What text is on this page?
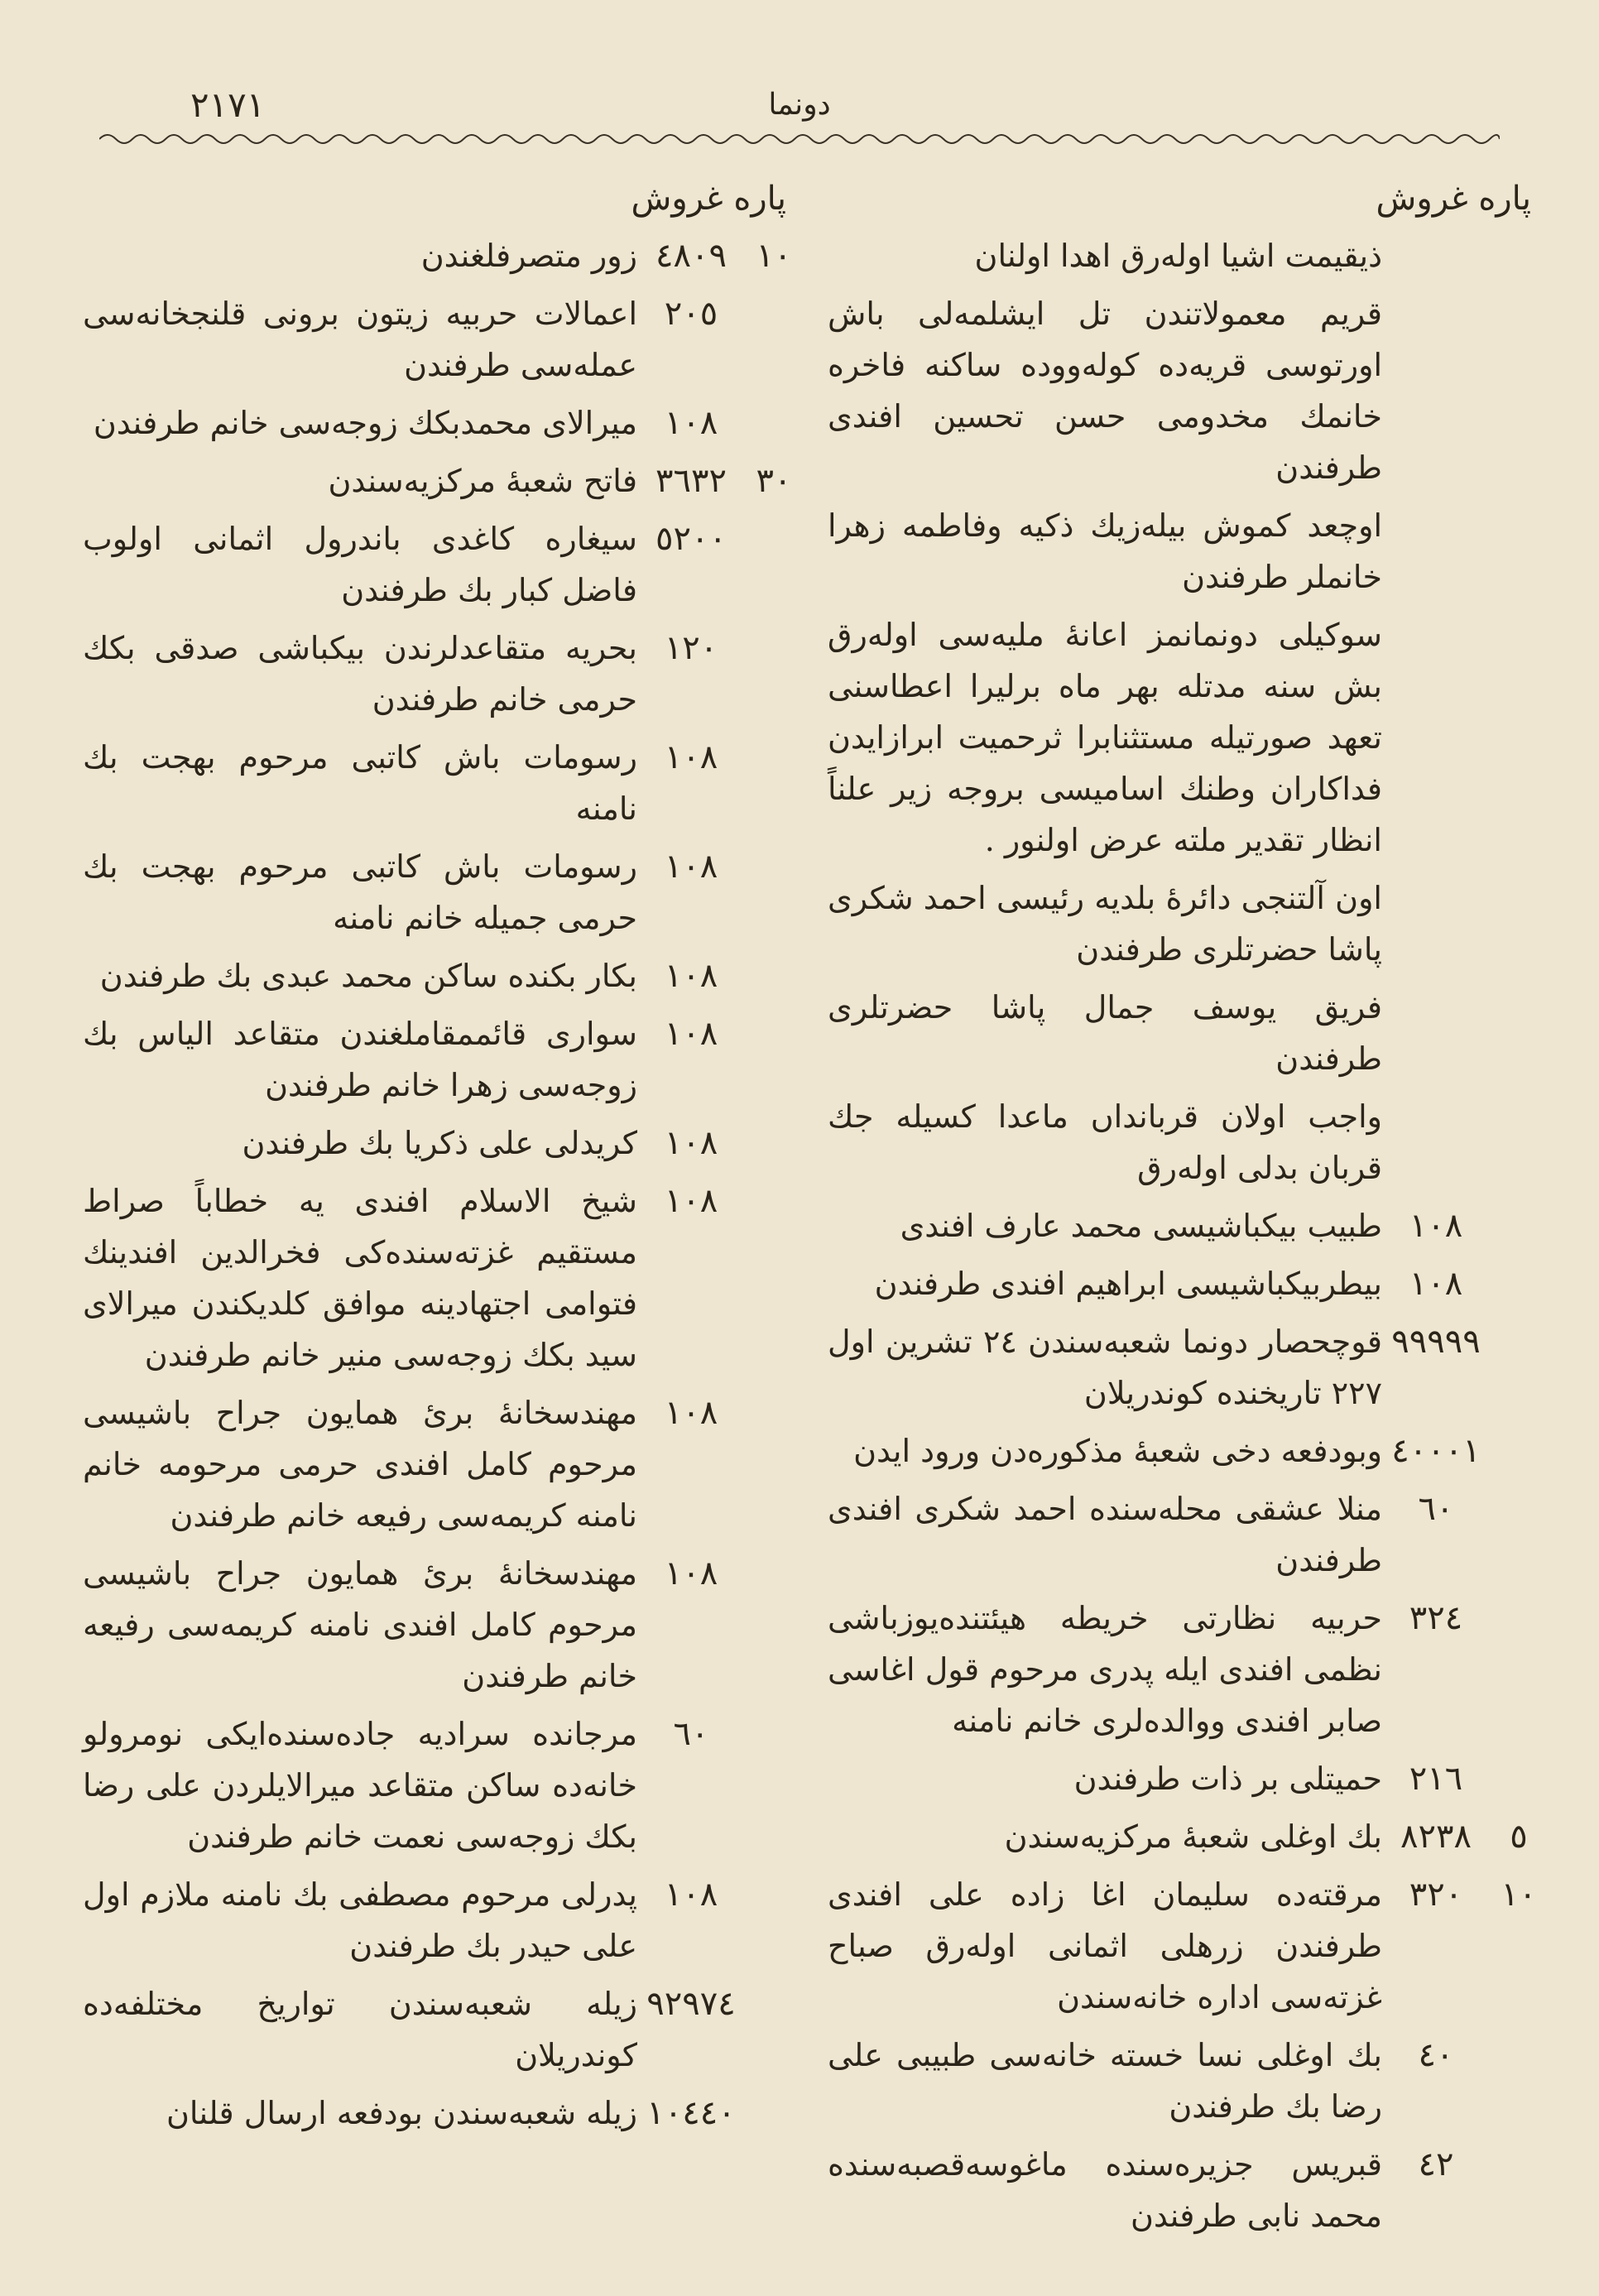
٢١٧١	دونما
پاره غروش
ذیقیمت اشیا اولەرق اهدا اولنان
قريم معمولاتندن تل ايشلمەلی باش اورتوسی قریەدە کولەووده ساکنه فاخره خانمك مخدومی حسن تحسين افندی طرفندن
اوچعد کموش بیلەزیك ذکیه وفاطمه زهرا خانملر طرفندن
سوکیلی دونمانمز اعانهٔ ملیەسی اولەرق بش سنه مدتله بهر ماه برلیرا اعطاسنی تعهد صورتیله مستثنابرا ثرحمیت ابرازايدن فداکاران وطنك اساميسی بروجه زير علناً انظار تقدیر ملته عرض اولنور .
اون آلتنجی دائرهٔ بلدیه رئیسی احمد شکری پاشا حضرتلری طرفندن
فريق يوسف جمال پاشا حضرتلری طرفندن
واجب اولان قربانداں ماعدا کسیله جك قربان بدلی اولەرق
١٠٨
طبیب بیکباشیسی محمد عارف افندی
١٠٨
بیطربیکباشیسی ابراهیم افندی طرفندن
٩٩٩٩٩
قوچحصار دونما شعبەسندن ٢٤ تشرين اول ٢٢٧ تاریخندە کوندریلان
٤٠٠٠١
وبودفعه دخی شعبهٔ مذکورەدن ورود ايدن
٦٠
منلا عشقی محلەسندە احمد شکری افندی طرفندن
٣٢٤
حربیه نظارتی خريطه هيئتندەيوزباشی نظمی افندی ایله پدری مرحوم قول اغاسی صابر افندی ووالدەلری خانم نامنه
٢١٦
حميتلی بر ذات طرفندن
٥
٨٢٣٨
بك اوغلی شعبهٔ مرکزیەسندن
١٠
٣٢٠
مرقتەدە سلیمان اغا زاده علی افندی طرفندن زرهلی اثمانی اولەرق صباح غزتەسی اداره خانەسندن
٤٠
بك اوغلی نسا خسته خانەسی طبیبی علی رضا بك طرفندن
٤٢
قبریس جزیرەسندە ماغوسەقصبەسندە محمد نابی طرفندن
پاره غروش
١٠
٤٨٠٩
زور متصرفلغندن
٢٠٥
اعمالات حربیه زيتون برونی قلنجخانەسی عملەسی طرفندن
١٠٨
ميرالای محمدبكك زوجەسی خانم طرفندن
٣٠
٣٦٣٢
فاتح شعبهٔ مرکزیەسندن
٥٢٠٠
سیغاره کاغدی باندرول اثمانی اولوب فاضل کبار بك طرفندن
١٢٠
بحریه متقاعدلرندن بیکباشی صدقی بكك حرمی خانم طرفندن
١٠٨
رسومات باش کاتبی مرحوم بهجت بك نامنه
١٠٨
رسومات باش کاتبی مرحوم بهجت بك حرمی جمیله خانم نامنه
١٠٨
بكار بکنده ساکن محمد عبدی بك طرفندن
١٠٨
سواری قائممقاملغندن متقاعد الیاس بك زوجەسی زهرا خانم طرفندن
١٠٨
کریدلی علی ذکریا بك طرفندن
١٠٨
شیخ الاسلام افندی یه خطاباً صراط مستقیم غزتەسندەکی فخرالدين افندينك فتوامی اجتهادينه موافق کلديکندن ميرالای سيد بكك زوجەسی منير خانم طرفندن
١٠٨
مهندسخانهٔ بریٔ همایون جراح باشیسی مرحوم کامل افندی حرمی مرحومه خانم نامنه کریمەسی رفیعه خانم طرفندن
١٠٨
مهندسخانهٔ بریٔ همایون جراح باشیسی مرحوم کامل افندی نامنه کریمەسی رفیعه خانم طرفندن
٦٠
مرجانده سرادیه جادەسندەایکی نومرولو خانەده ساکن متقاعد ميرالايلردن علی رضا بكك زوجەسی نعمت خانم طرفندن
١٠٨
پدرلی مرحوم مصطفی بك نامنه ملازم اول علی حيدر بك طرفندن
٩٢٩٧٤
زیله شعبەسندن تواریخ مختلفەده کوندریلان
١٠٤٤٠
زیله شعبەسندن بودفعه ارسال قلنان
